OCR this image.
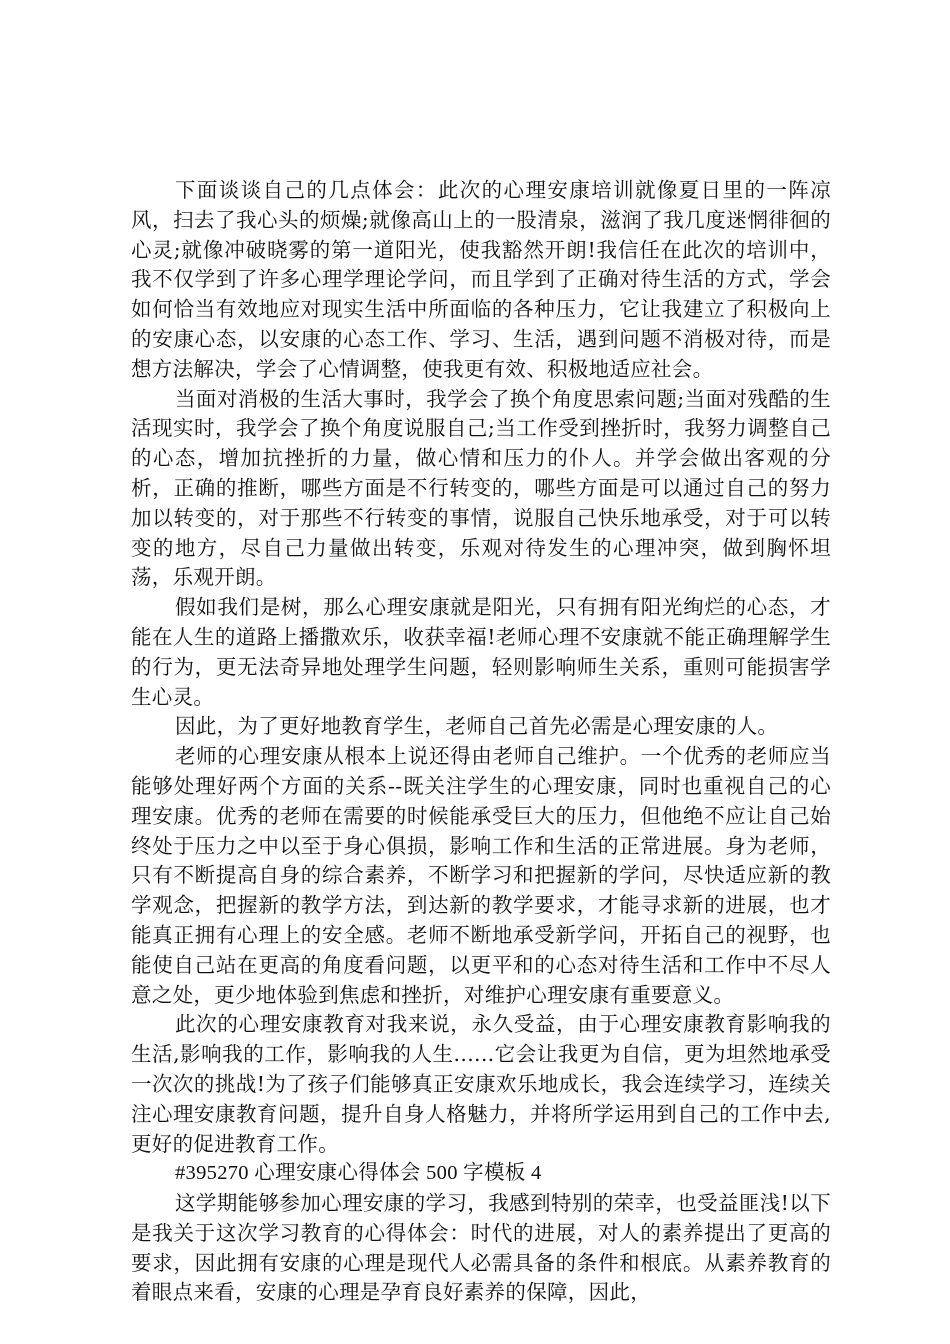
下面谈谈自己的几点体会：此次的心理安康培训就像夏日里的一阵凉风，扫去了我心头的烦燥;就像高山上的一股清泉，滋润了我几度迷惘徘徊的心灵;就像冲破晓雾的第一道阳光，使我豁然开朗!我信任在此次的培训中，我不仅学到了许多心理学理论学问，而且学到了正确对待生活的方式，学会如何恰当有效地应对现实生活中所面临的各种压力，它让我建立了积极向上的安康心态，以安康的心态工作、学习、生活，遇到问题不消极对待，而是想方法解决，学会了心情调整，使我更有效、积极地适应社会。

当面对消极的生活大事时，我学会了换个角度思索问题;当面对残酷的生活现实时，我学会了换个角度说服自己;当工作受到挫折时，我努力调整自己的心态，增加抗挫折的力量，做心情和压力的仆人。并学会做出客观的分析，正确的推断，哪些方面是不行转变的，哪些方面是可以通过自己的努力加以转变的，对于那些不行转变的事情，说服自己快乐地承受，对于可以转变的地方，尽自己力量做出转变，乐观对待发生的心理冲突，做到胸怀坦荡，乐观开朗。

假如我们是树，那么心理安康就是阳光，只有拥有阳光绚烂的心态，才能在人生的道路上播撒欢乐，收获幸福!老师心理不安康就不能正确理解学生的行为，更无法奇异地处理学生问题，轻则影响师生关系，重则可能损害学生心灵。

因此，为了更好地教育学生，老师自己首先必需是心理安康的人。

老师的心理安康从根本上说还得由老师自己维护。一个优秀的老师应当能够处理好两个方面的关系--既关注学生的心理安康，同时也重视自己的心理安康。优秀的老师在需要的时候能承受巨大的压力，但他绝不应让自己始终处于压力之中以至于身心俱损，影响工作和生活的正常进展。身为老师，只有不断提高自身的综合素养，不断学习和把握新的学问，尽快适应新的教学观念，把握新的教学方法，到达新的教学要求，才能寻求新的进展，也才能真正拥有心理上的安全感。老师不断地承受新学问，开拓自己的视野，也能使自己站在更高的角度看问题，以更平和的心态对待生活和工作中不尽人意之处，更少地体验到焦虑和挫折，对维护心理安康有重要意义。

此次的心理安康教育对我来说，永久受益，由于心理安康教育影响我的生活,影响我的工作，影响我的人生......它会让我更为自信，更为坦然地承受一次次的挑战!为了孩子们能够真正安康欢乐地成长，我会连续学习，连续关注心理安康教育问题，提升自身人格魅力，并将所学运用到自己的工作中去,更好的促进教育工作。

#395270 心理安康心得体会 500 字模板 4

这学期能够参加心理安康的学习，我感到特别的荣幸，也受益匪浅!以下是我关于这次学习教育的心得体会：时代的进展，对人的素养提出了更高的要求，因此拥有安康的心理是现代人必需具备的条件和根底。从素养教育的着眼点来看，安康的心理是孕育良好素养的保障，因此，
